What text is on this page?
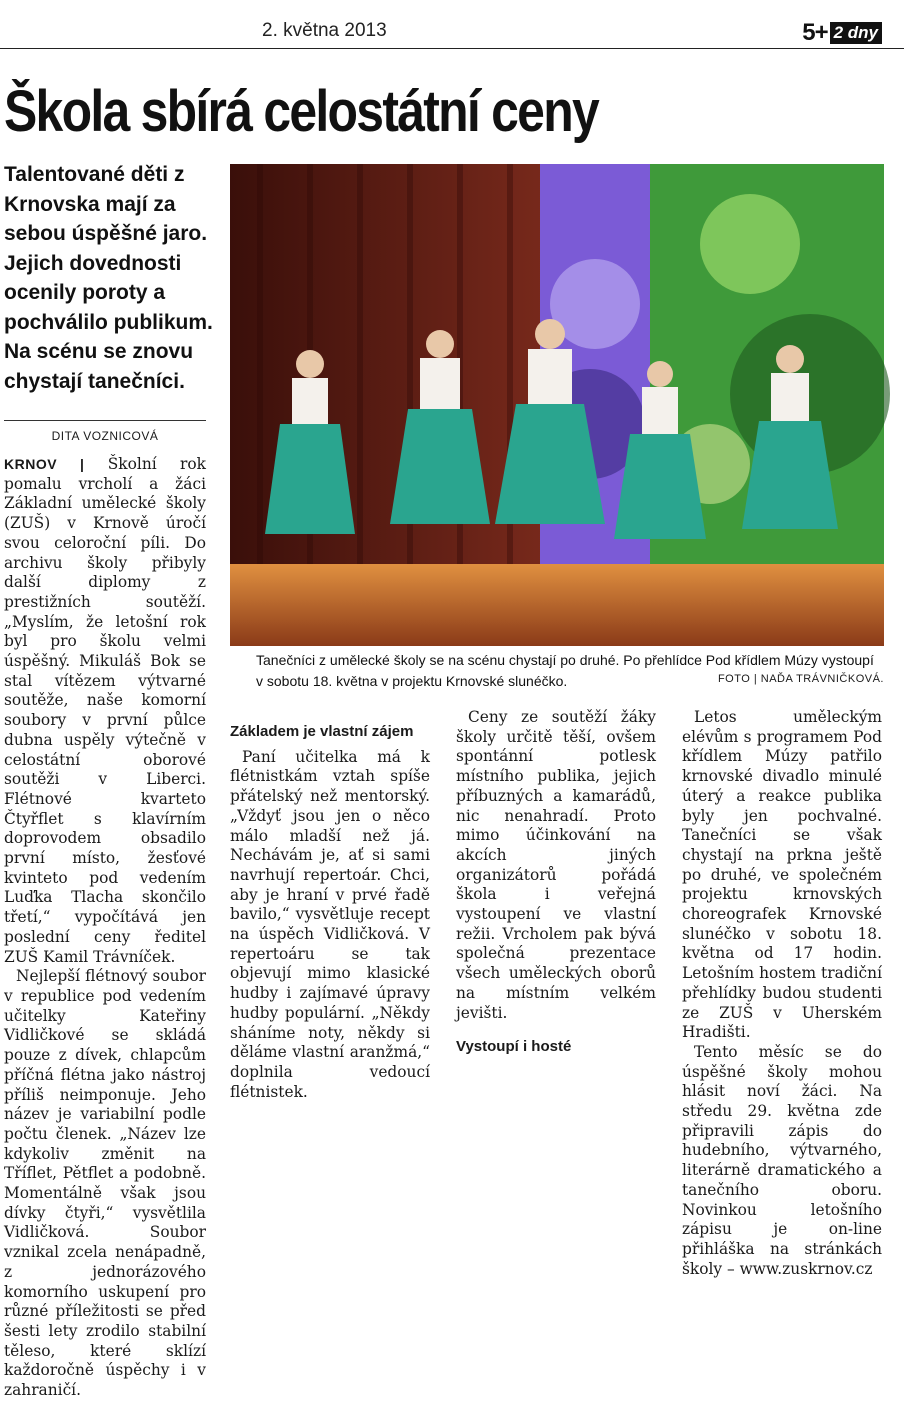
2. května 2013	5+ 2 dny
Škola sbírá celostátní ceny
Talentované děti z Krnovska mají za sebou úspěšné jaro. Jejich dovednosti ocenily poroty a pochválilo publikum. Na scénu se znovu chystají tanečníci.
DITA VOZNICOVÁ
Tanečníci z umělecké školy se na scénu chystají po druhé. Po přehlídce Pod křídlem Múzy vystoupí v sobotu 18. května v projektu Krnovské slunéčko.	FOTO | NAĎA TRÁVNIČKOVÁ.

KRNOV | Školní rok pomalu vrcholí a žáci Základní umělecké školy (ZUŠ) v Krnově úročí svou celoroční píli. Do archivu školy přibyly další diplomy z prestižních soutěží. „Myslím, že letošní rok byl pro školu velmi úspěšný. Mikuláš Bok se stal vítězem výtvarné soutěže, naše komorní soubory v první půlce dubna uspěly výtečně v celostátní oborové soutěži v Liberci. Flétnové kvarteto Čtyřflet s klavírním doprovodem obsadilo první místo, žesťové kvinteto pod vedením Luďka Tlacha skončilo třetí,“ vypočítává jen poslední ceny ředitel ZUŠ Kamil Trávníček.

Nejlepší flétnový soubor v republice pod vedením učitelky Kateřiny Vidličkové se skládá pouze z dívek, chlapcům příčná flétna jako nástroj příliš neimponuje. Jeho název je variabilní podle počtu členek. „Název lze kdykoliv změnit na Tříflet, Pětflet a podobně. Momentálně však jsou dívky čtyři,“ vysvětlila Vidličková. Soubor vznikal zcela nenápadně, z jednorázového komorního uskupení pro různé příležitosti se před šesti lety zrodilo stabilní těleso, které sklízí každoročně úspěchy i v zahraničí.

Základem je vlastní zájem

Paní učitelka má k flétnistkám vztah spíše přátelský než mentorský. „Vždyť jsou jen o něco málo mladší než já. Nechávám je, ať si sami navrhují repertoár. Chci, aby je hraní v prvé řadě bavilo,“ vysvětluje recept na úspěch Vidličková. V repertoáru se tak objevují mimo klasické hudby i zajímavé úpravy hudby populární. „Někdy sháníme noty, někdy si děláme vlastní aranžmá,“ doplnila vedoucí flétnistek.

Ceny ze soutěží žáky školy určitě těší, ovšem spontánní potlesk místního publika, jejich příbuzných a kamarádů, nic nenahradí. Proto mimo účinkování na akcích jiných organizátorů pořádá škola i veřejná vystoupení ve vlastní režii. Vrcholem pak bývá společná prezentace všech uměleckých oborů na místním velkém jevišti.

Vystoupí i hosté

Letos uměleckým elévům s programem Pod křídlem Múzy patřilo krnovské divadlo minulé úterý a reakce publika byly jen pochvalné. Tanečníci se však chystají na prkna ještě po druhé, ve společném projektu krnovských choreografek Krnovské slunéčko v sobotu 18. května od 17 hodin. Letošním hostem tradiční přehlídky budou studenti ze ZUŠ v Uherském Hradišti.

Tento měsíc se do úspěšné školy mohou hlásit noví žáci. Na středu 29. května zde připravili zápis do hudebního, výtvarného, literárně dramatického a tanečního oboru. Novinkou letošního zápisu je on-line přihláška na stránkách školy – www.zuskrnov.cz
